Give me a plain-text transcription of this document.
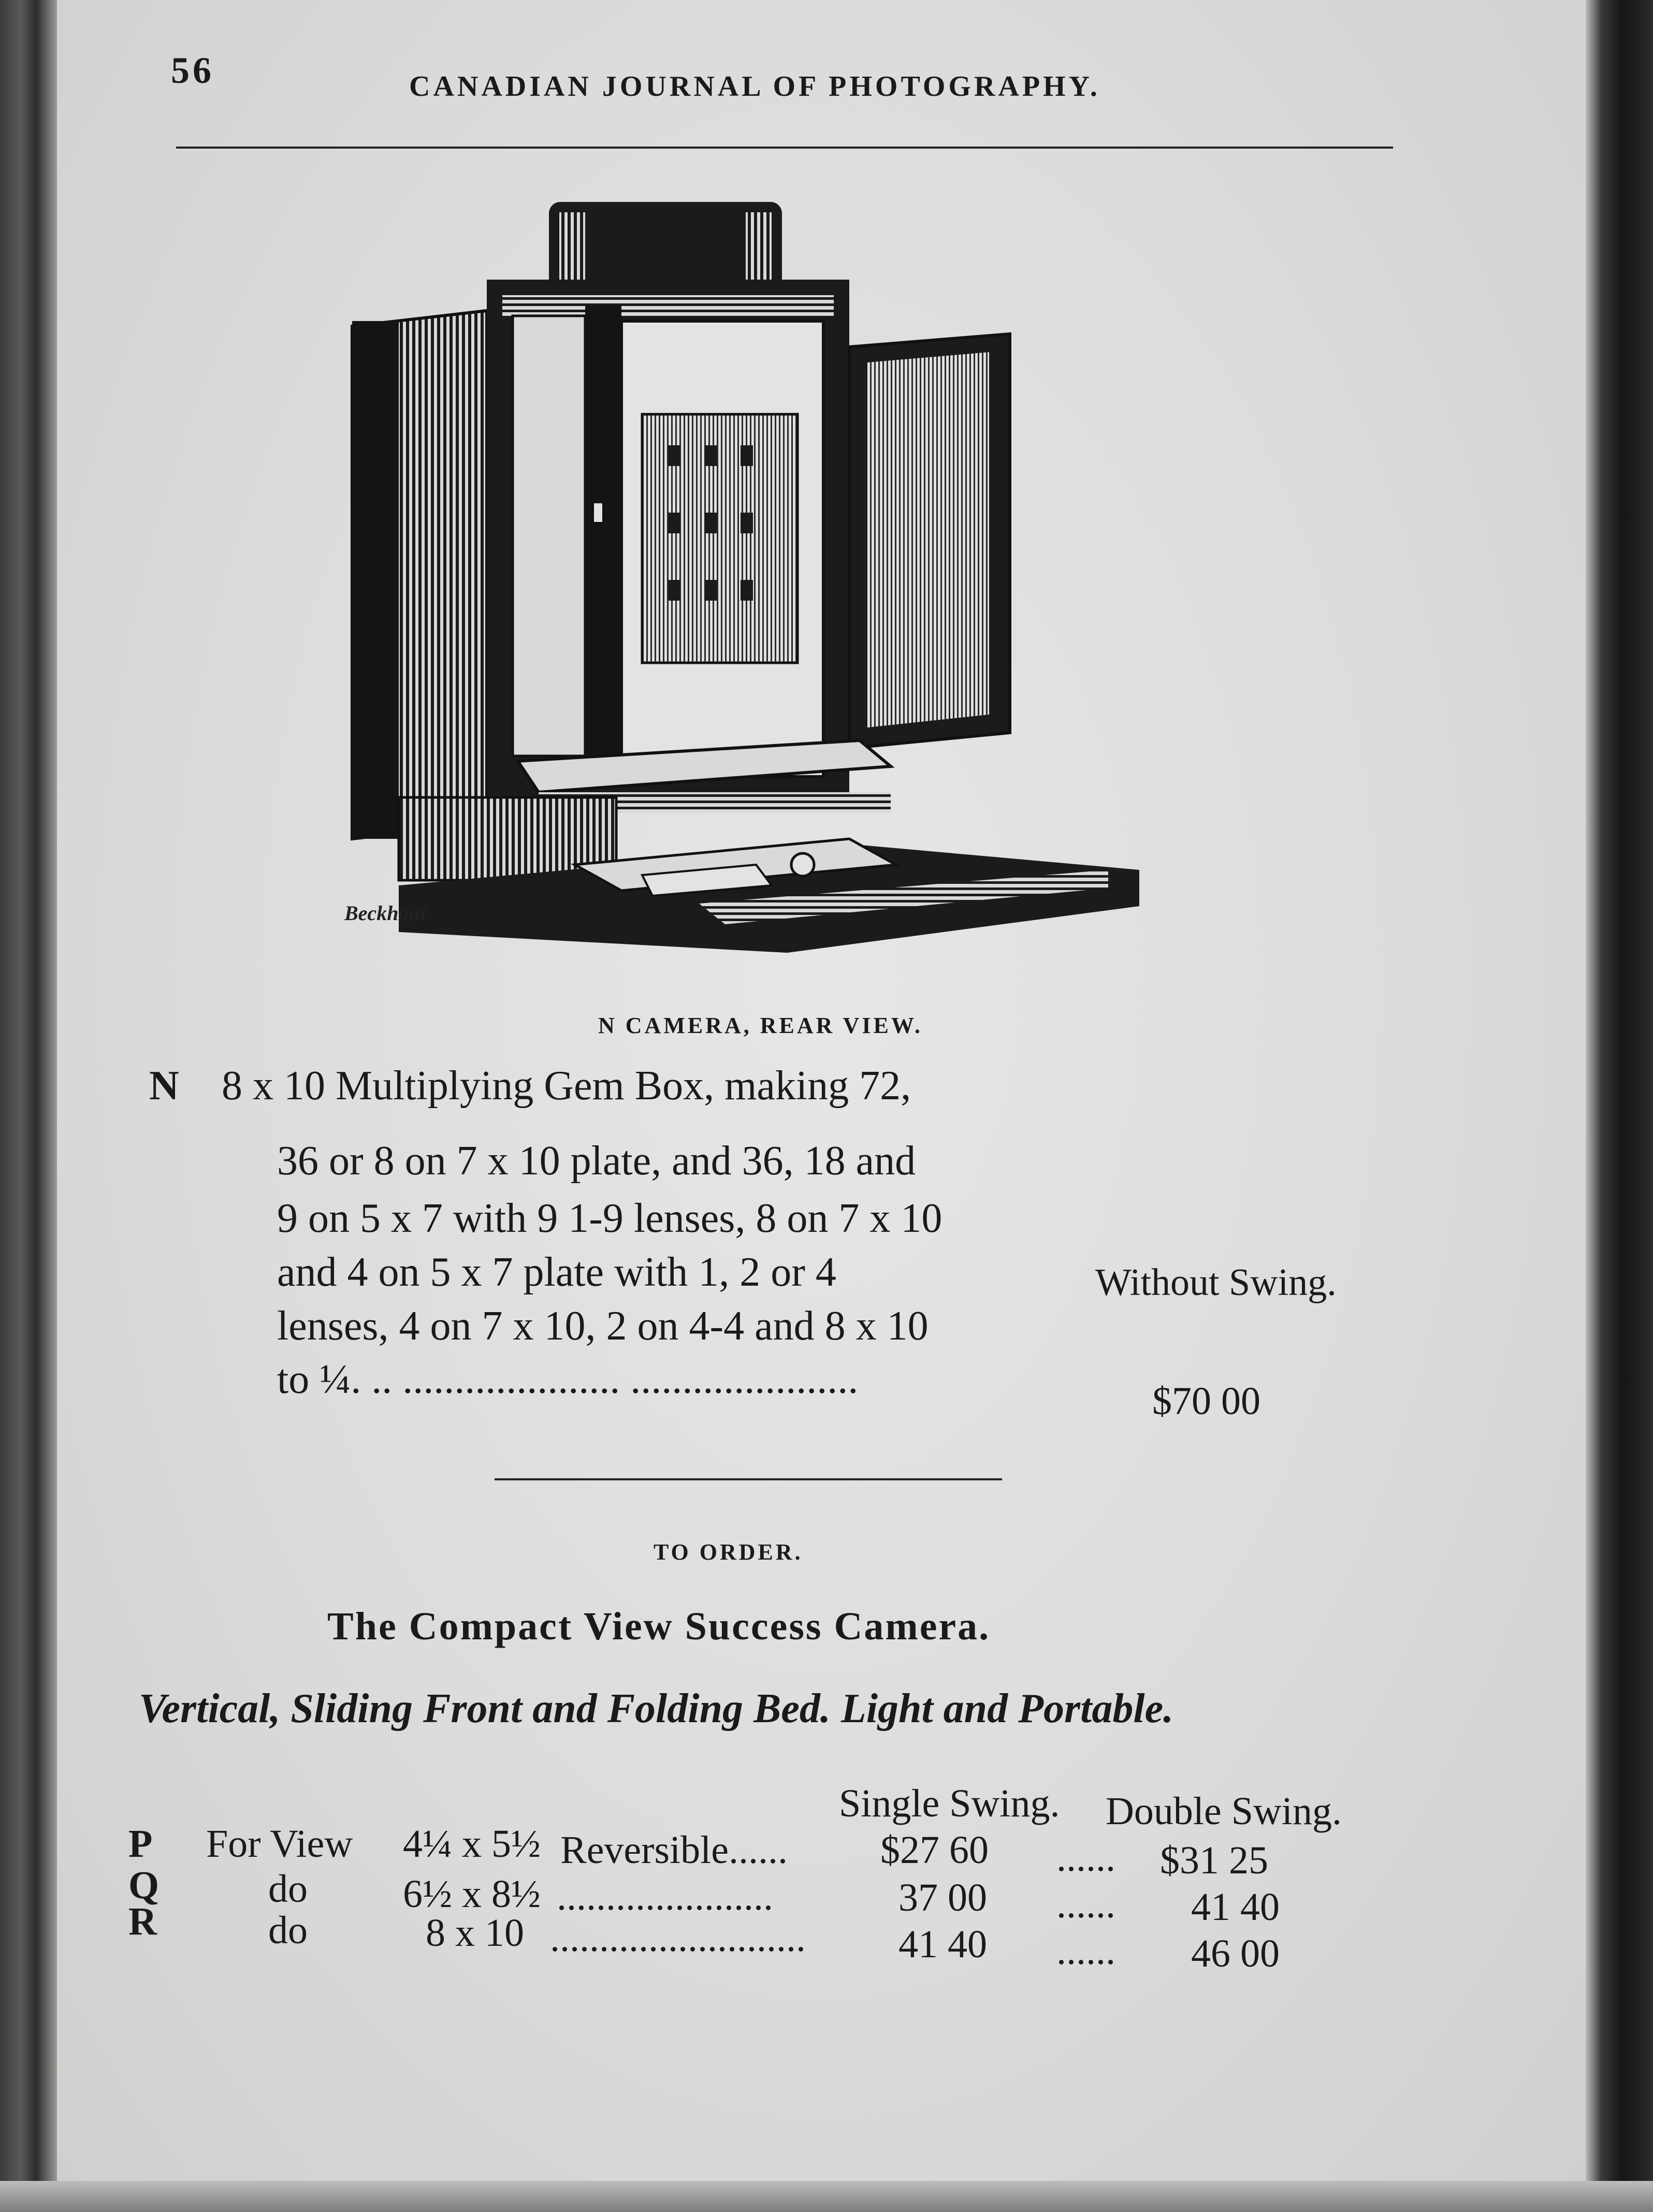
56	CANADIAN JOURNAL OF PHOTOGRAPHY.
Beckhout
N CAMERA, REAR VIEW.
N 8 x 10 Multiplying Gem Box, making 72,
36 or 8 on 7 x 10 plate, and 36, 18 and
9 on 5 x 7 with 9 1-9 lenses, 8 on 7 x 10
and 4 on 5 x 7 plate with 1, 2 or 4
lenses, 4 on 7 x 10, 2 on 4-4 and 8 x 10
to ¼. .. ..................... ......................
Without Swing.
$70 00
TO ORDER.
The Compact View Success Camera.
Vertical, Sliding Front and Folding Bed. Light and Portable.
Single Swing. Double Swing.
P For View 4¼ x 5½ Reversible...... $27 60 ...... $31 25
Q	do 6½ x 8½ ......................	37 00 ...... 41 40
R	do	8 x 10 .......................... 41 40 ...... 46 00
